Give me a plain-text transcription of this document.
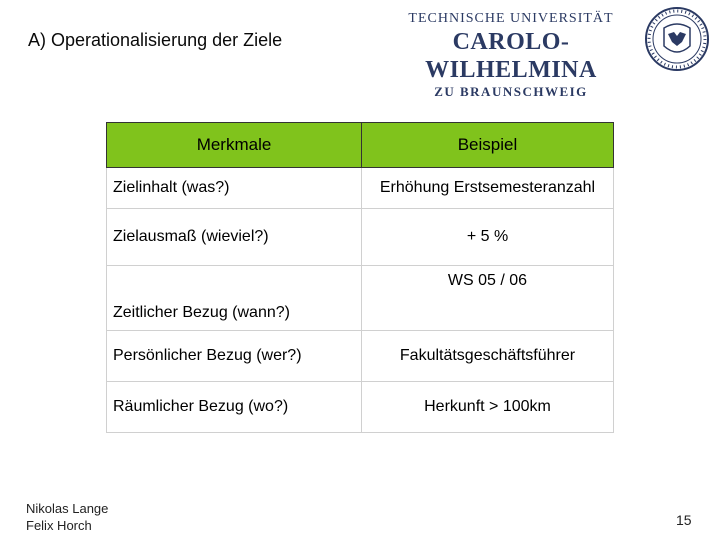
A) Operationalisierung der Ziele
TECHNISCHE UNIVERSITÄT
CAROLO-WILHELMINA
ZU BRAUNSCHWEIG
Merkmale	Beispiel
Zielinhalt (was?)	Erhöhung Erstsemesteranzahl
Zielausmaß (wieviel?)	+ 5 %
Zeitlicher Bezug (wann?)	WS 05 / 06
Persönlicher Bezug (wer?)	Fakultätsgeschäftsführer
Räumlicher Bezug (wo?)	Herkunft > 100km
Nikolas Lange
Felix Horch	15
